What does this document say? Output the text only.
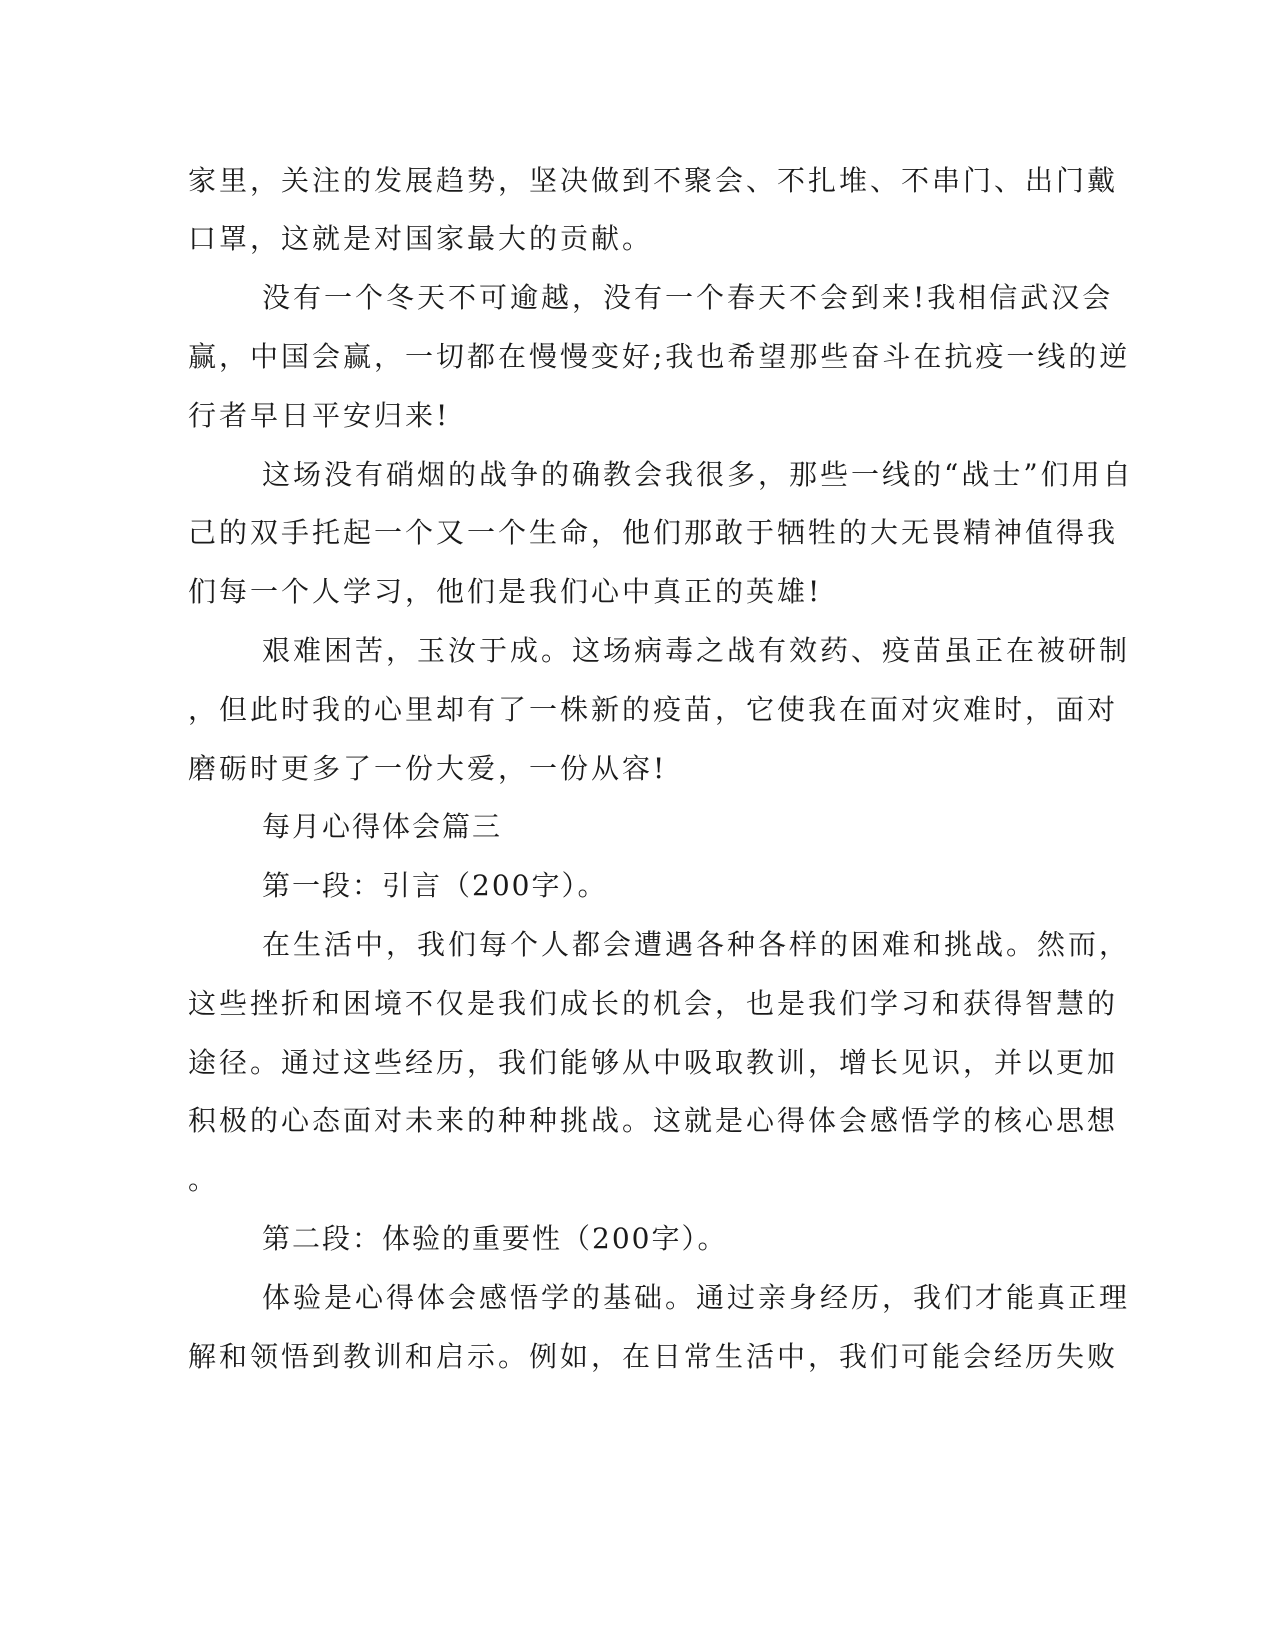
家里，关注的发展趋势，坚决做到不聚会、不扎堆、不串门、出门戴

口罩，这就是对国家最大的贡献。

没有一个冬天不可逾越，没有一个春天不会到来!我相信武汉会

赢，中国会赢，一切都在慢慢变好;我也希望那些奋斗在抗疫一线的逆

行者早日平安归来!

这场没有硝烟的战争的确教会我很多，那些一线的“战士”们用自

己的双手托起一个又一个生命，他们那敢于牺牲的大无畏精神值得我

们每一个人学习，他们是我们心中真正的英雄!

艰难困苦，玉汝于成。这场病毒之战有效药、疫苗虽正在被研制

，但此时我的心里却有了一株新的疫苗，它使我在面对灾难时，面对

磨砺时更多了一份大爱，一份从容!

每月心得体会篇三

第一段：引言（200字）。

在生活中，我们每个人都会遭遇各种各样的困难和挑战。然而，

这些挫折和困境不仅是我们成长的机会，也是我们学习和获得智慧的

途径。通过这些经历，我们能够从中吸取教训，增长见识，并以更加

积极的心态面对未来的种种挑战。这就是心得体会感悟学的核心思想

。

第二段：体验的重要性（200字）。

体验是心得体会感悟学的基础。通过亲身经历，我们才能真正理

解和领悟到教训和启示。例如，在日常生活中，我们可能会经历失败
